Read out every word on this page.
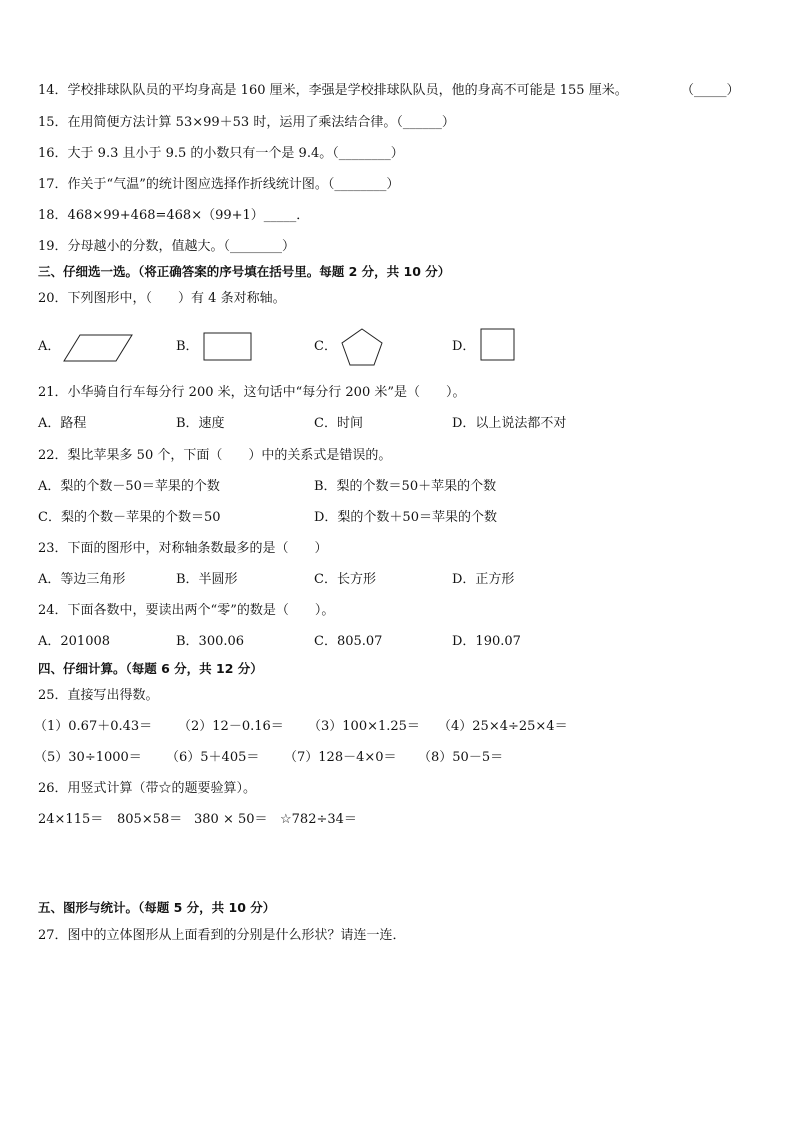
14．学校排球队队员的平均身高是 160 厘米，李强是学校排球队队员，他的身高不可能是 155 厘米。	（_____）
15．在用简便方法计算 53×99＋53 时，运用了乘法结合律。（______）
16．大于 9.3 且小于 9.5 的小数只有一个是 9.4。（________）
17．作关于“气温”的统计图应选择作折线统计图。（________）
18．468×99+468=468×（99+1）_____．
19．分母越小的分数，值越大。（________）
三、仔细选一选。（将正确答案的序号填在括号里。每题 2 分，共 10 分）
20．下列图形中，（　　）有 4 条对称轴。
A．	B．	C．	D．
21．小华骑自行车每分行 200 米，这句话中“每分行 200 米”是（　　）。
A．路程	B．速度	C．时间	D．以上说法都不对
22．梨比苹果多 50 个，下面（　　）中的关系式是错误的。
A．梨的个数－50＝苹果的个数	B．梨的个数＝50＋苹果的个数
C．梨的个数－苹果的个数＝50	D．梨的个数＋50＝苹果的个数
23．下面的图形中，对称轴条数最多的是（　　）
A．等边三角形	B．半圆形	C．长方形	D．正方形
24．下面各数中，要读出两个“零”的数是（　　）。
A．201008	B．300.06	C．805.07	D．190.07
四、仔细计算。（每题 6 分，共 12 分）
25．直接写出得数。
（1）0.67＋0.43＝ （2）12－0.16＝ （3）100×1.25＝ （4）25×4÷25×4＝
（5）30÷1000＝ （6）5＋405＝ （7）128－4×0＝ （8）50－5＝
26．用竖式计算（带☆的题要验算）。
24×115＝ 805×58＝ 380 × 50＝ ☆782÷34＝
五、图形与统计。（每题 5 分，共 10 分）
27．图中的立体图形从上面看到的分别是什么形状？请连一连．
